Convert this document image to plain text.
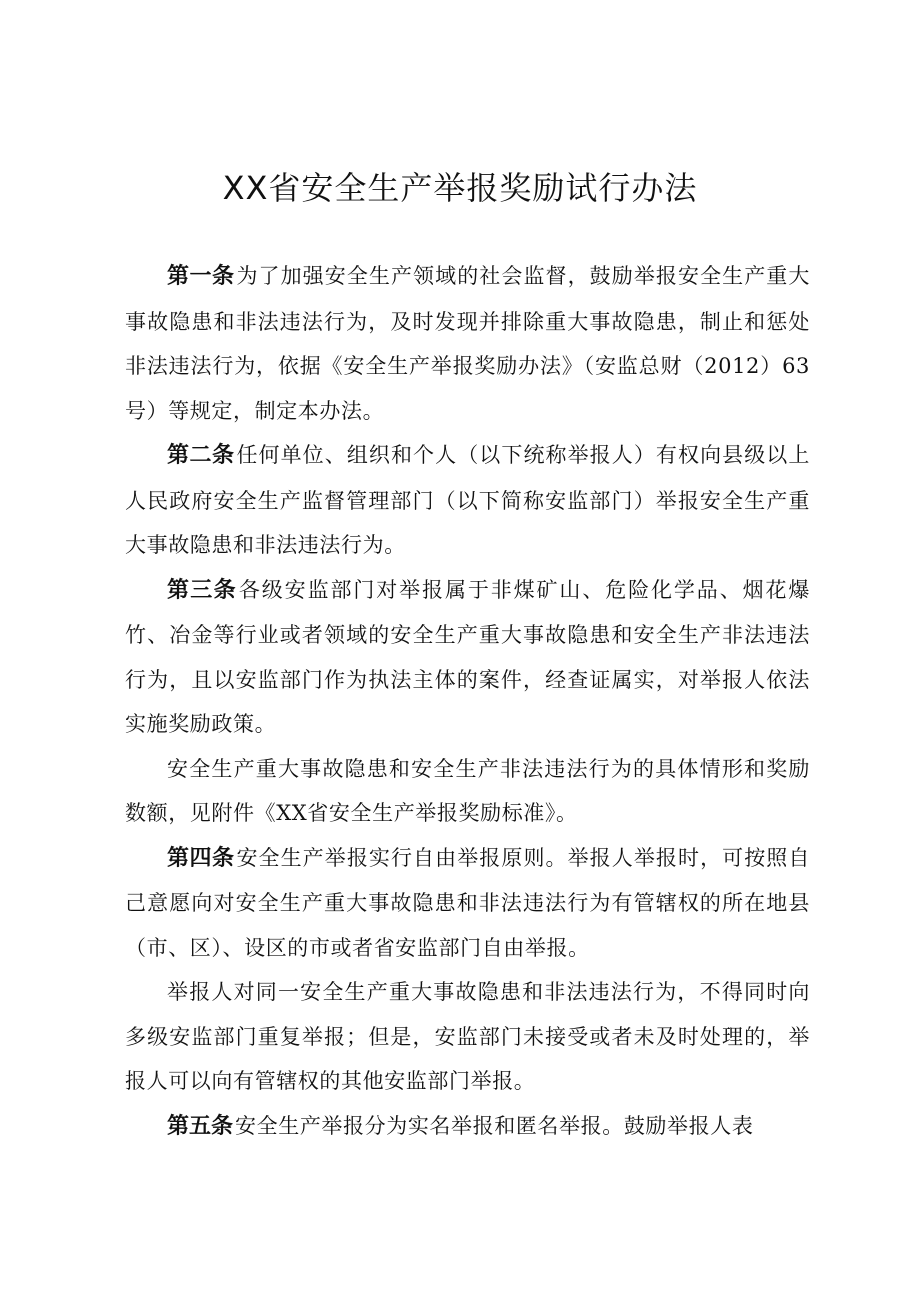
XX省安全生产举报奖励试行办法

第一条为了加强安全生产领域的社会监督，鼓励举报安全生产重大事故隐患和非法违法行为，及时发现并排除重大事故隐患，制止和惩处非法违法行为，依据《安全生产举报奖励办法》（安监总财（2012）63号）等规定，制定本办法。

第二条任何单位、组织和个人（以下统称举报人）有权向县级以上人民政府安全生产监督管理部门（以下简称安监部门）举报安全生产重大事故隐患和非法违法行为。

第三条各级安监部门对举报属于非煤矿山、危险化学品、烟花爆竹、冶金等行业或者领域的安全生产重大事故隐患和安全生产非法违法行为，且以安监部门作为执法主体的案件，经查证属实，对举报人依法实施奖励政策。

安全生产重大事故隐患和安全生产非法违法行为的具体情形和奖励数额，见附件《XX省安全生产举报奖励标准》。

第四条安全生产举报实行自由举报原则。举报人举报时，可按照自己意愿向对安全生产重大事故隐患和非法违法行为有管辖权的所在地县（市、区）、设区的市或者省安监部门自由举报。

举报人对同一安全生产重大事故隐患和非法违法行为，不得同时向多级安监部门重复举报；但是，安监部门未接受或者未及时处理的，举报人可以向有管辖权的其他安监部门举报。

第五条安全生产举报分为实名举报和匿名举报。鼓励举报人表
